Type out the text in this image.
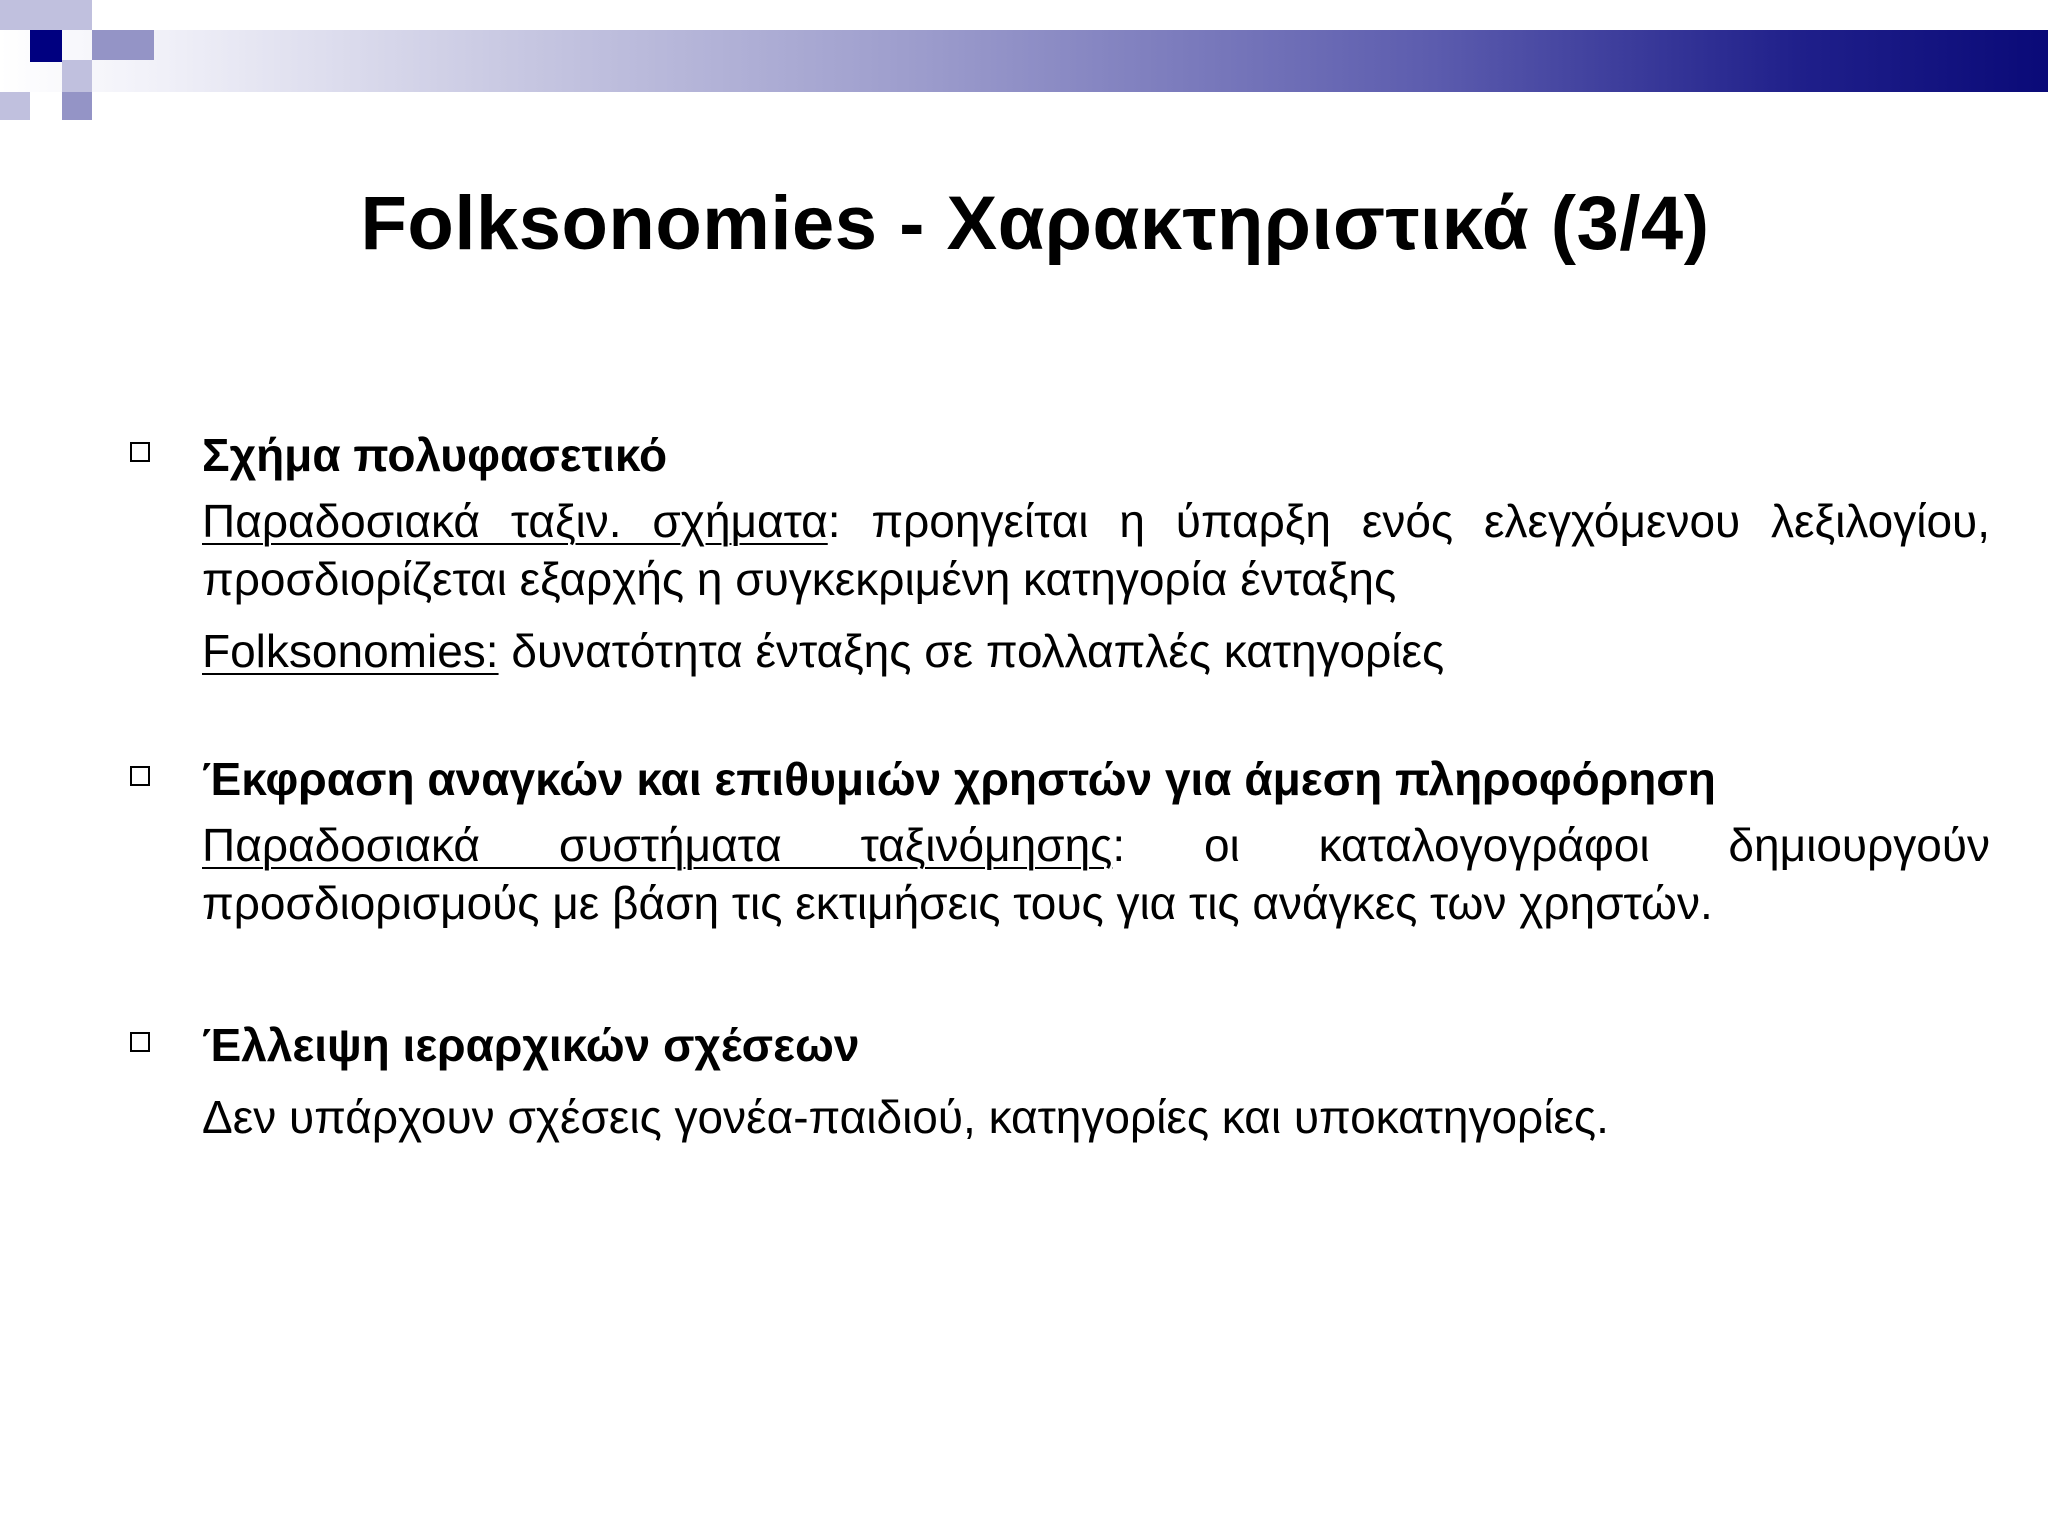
Folksonomies - Χαρακτηριστικά (3/4)
Σχήμα πολυφασετικό
Παραδοσιακά ταξιν. σχήματα: προηγείται η ύπαρξη ενός ελεγχόμενου λεξιλογίου, προσδιορίζεται εξαρχής η συγκεκριμένη κατηγορία ένταξης
Folksonomies: δυνατότητα ένταξης σε πολλαπλές κατηγορίες
Έκφραση αναγκών και επιθυμιών χρηστών για άμεση πληροφόρηση
Παραδοσιακά συστήματα ταξινόμησης: οι καταλογογράφοι δημιουργούν προσδιορισμούς με βάση τις εκτιμήσεις τους για τις ανάγκες των χρηστών.
Έλλειψη ιεραρχικών σχέσεων
Δεν υπάρχουν σχέσεις γονέα-παιδιού, κατηγορίες και υποκατηγορίες.
